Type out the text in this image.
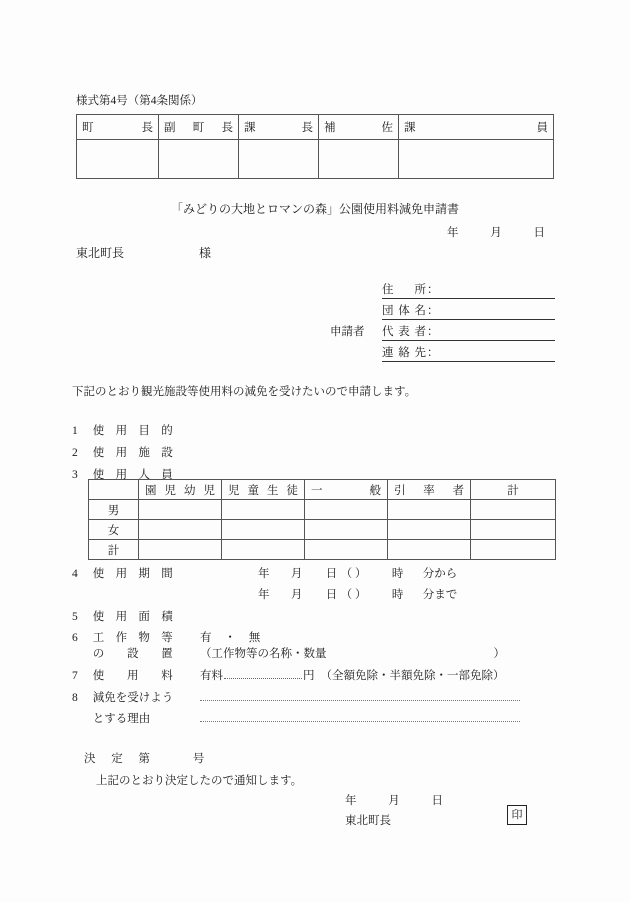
様式第4号（第4条関係）
町　　長	副　町　長	課　　長	補　　佐	課　　員

「みどりの大地とロマンの森」公園使用料減免申請書
年	月	日
東北町長	様
住　所 ：
団体名 ：
申請者	代表者 ：
連絡先 ：
下記のとおり観光施設等使用料の減免を受けたいので申請します。
1 使用目的
2 使用施設
3 使用人員
	園児幼児	児童生徒	一　　般	引率者	計
男					
女					
計					
4 使用期間	年 月 日 （ ） 時 分から
年 月 日 （ ） 時 分まで
5 使用面積
6 工作物等
の　設　置
有 ・ 無
（工作物等の名称・数量	）
7 使用料 有料	円 （全額免除・半額免除・一部免除）
8 減免を受けよう
とする理由
決　定　第	号
上記のとおり決定したので通知します。
年	月	日
東北町長	印
